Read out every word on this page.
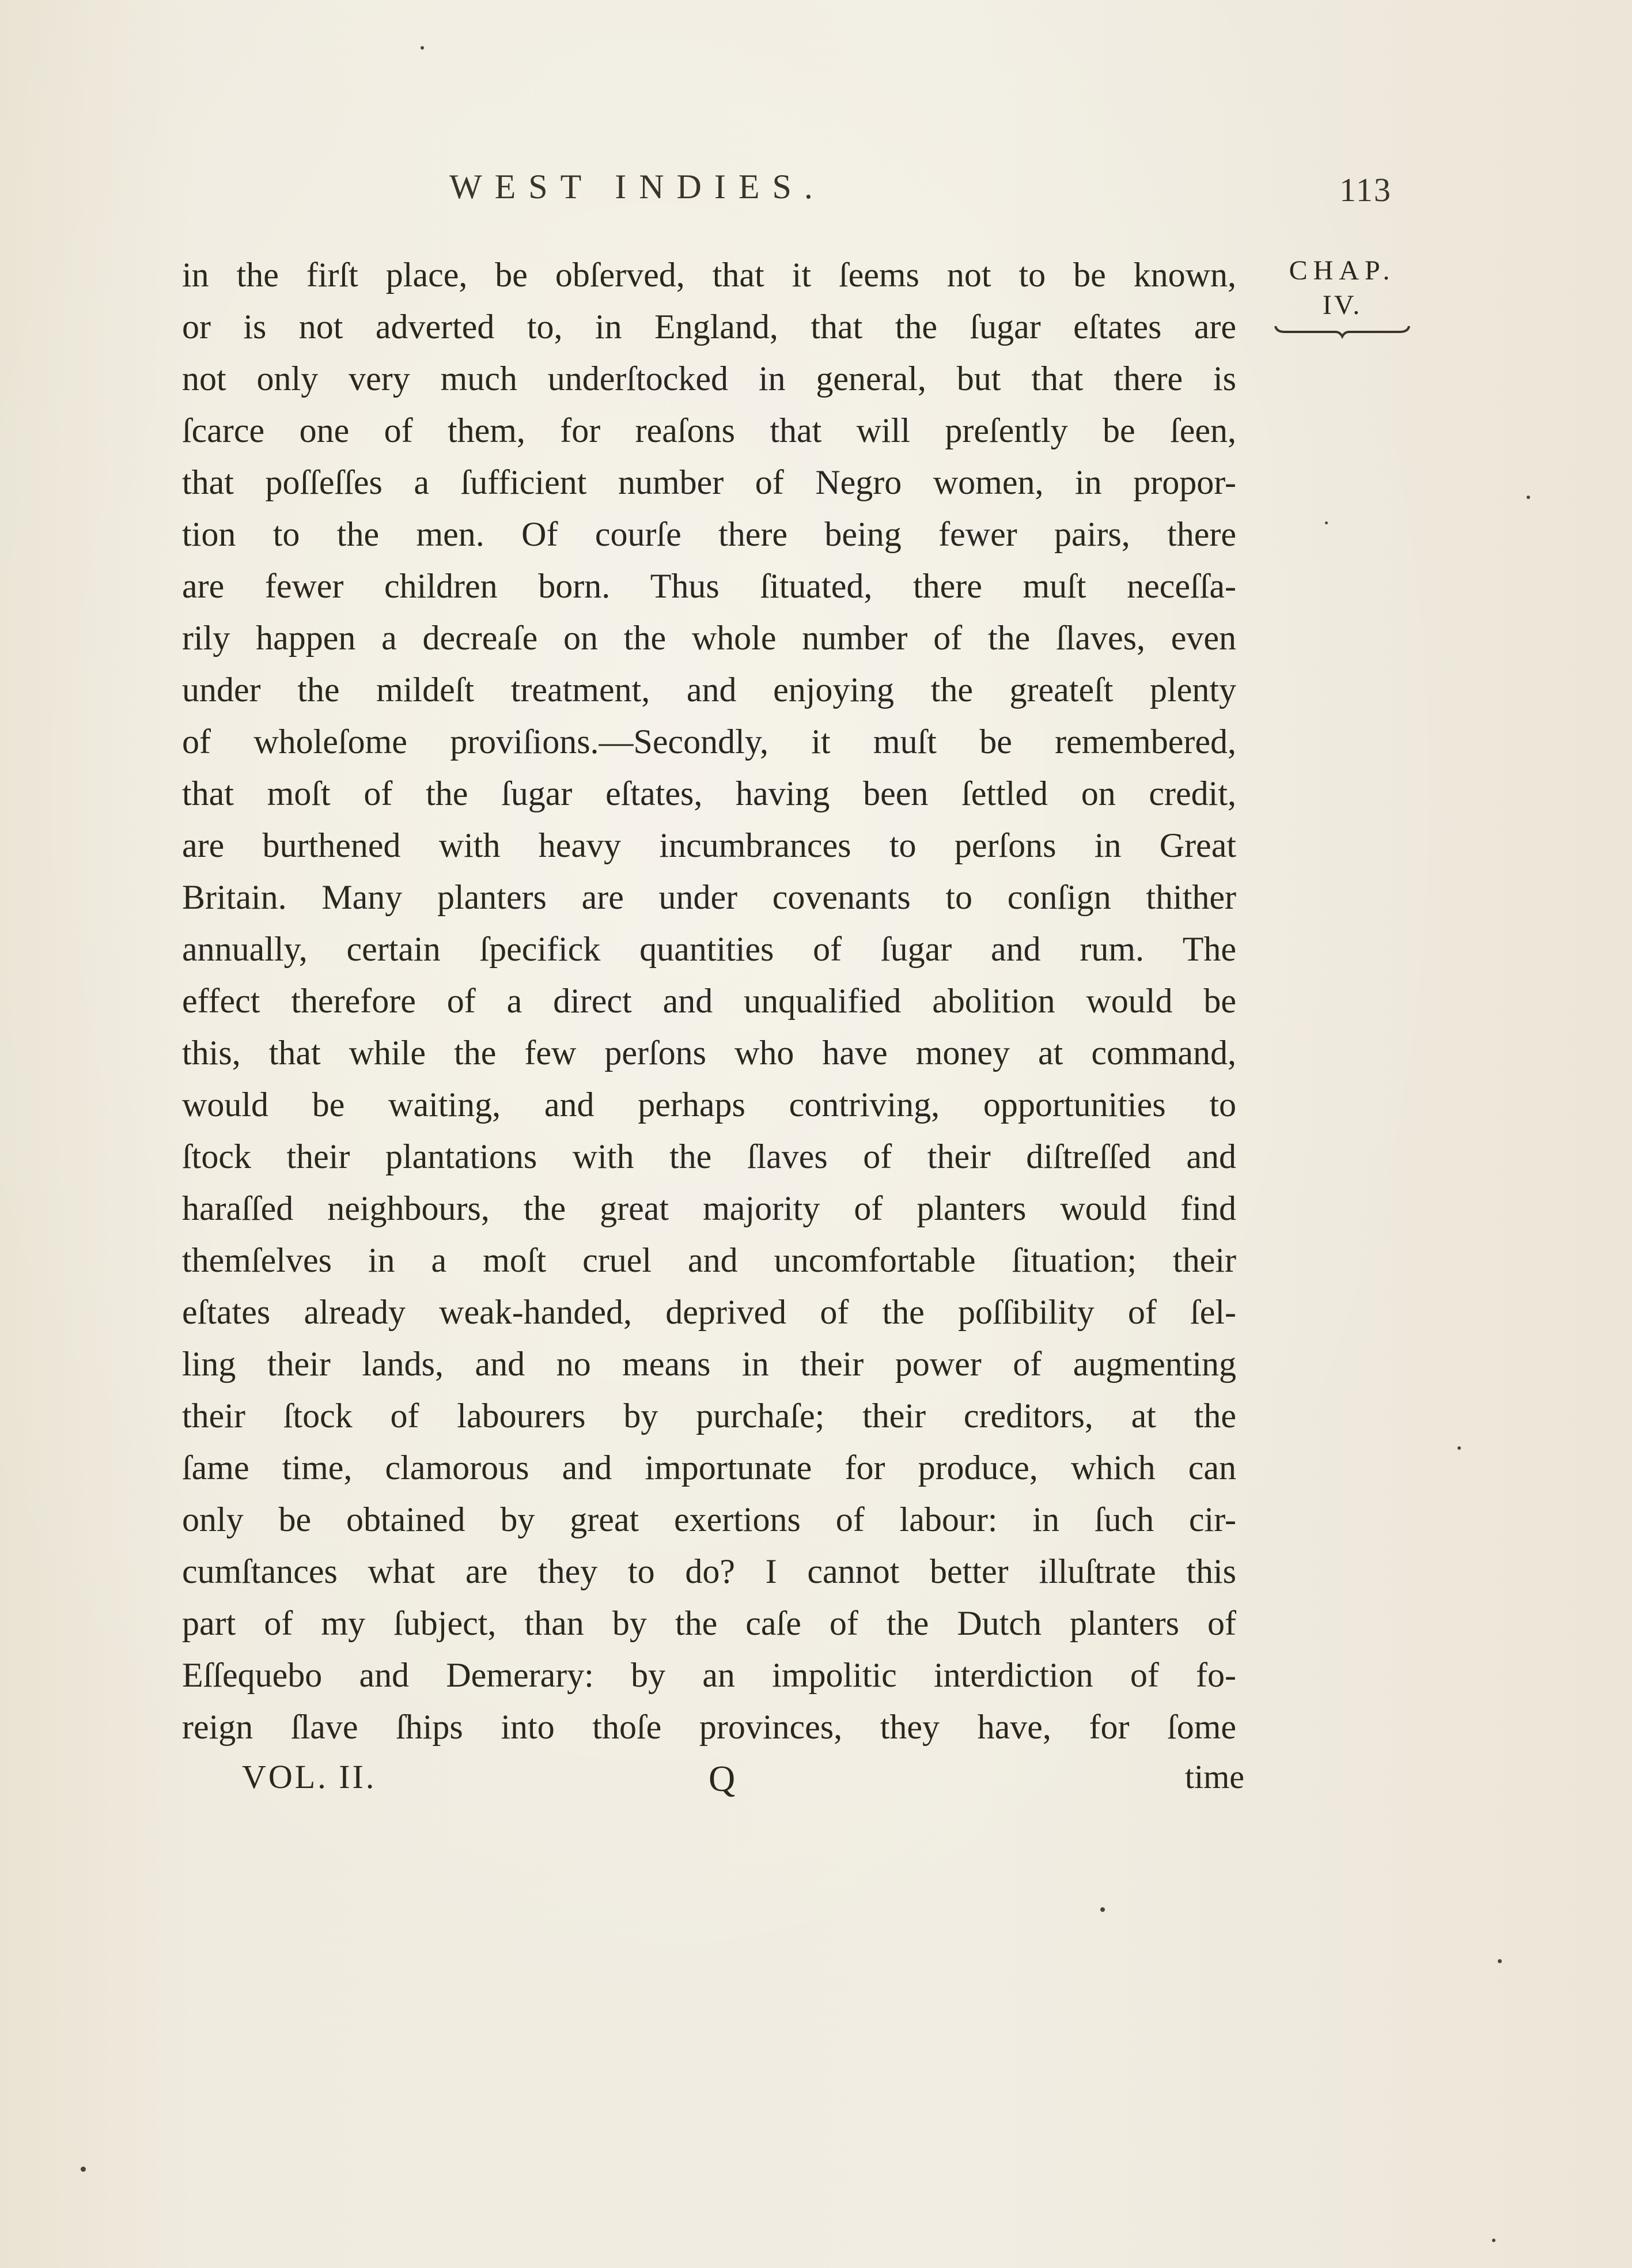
WEST INDIES.	113
CHAP.
IV.
in the firſt place, be obſerved, that it ſeems not to be known,
or is not adverted to, in England, that the ſugar eſtates are
not only very much underſtocked in general, but that there is
ſcarce one of them, for reaſons that will preſently be ſeen,
that poſſeſſes a ſufficient number of Negro women, in propor-
tion to the men. Of courſe there being fewer pairs, there
are fewer children born. Thus ſituated, there muſt neceſſa-
rily happen a decreaſe on the whole number of the ſlaves, even
under the mildeſt treatment, and enjoying the greateſt plenty
of wholeſome proviſions.—Secondly, it muſt be remembered,
that moſt of the ſugar eſtates, having been ſettled on credit,
are burthened with heavy incumbrances to perſons in Great
Britain. Many planters are under covenants to conſign thither
annually, certain ſpecifick quantities of ſugar and rum. The
effect therefore of a direct and unqualified abolition would be
this, that while the few perſons who have money at command,
would be waiting, and perhaps contriving, opportunities to
ſtock their plantations with the ſlaves of their diſtreſſed and
haraſſed neighbours, the great majority of planters would find
themſelves in a moſt cruel and uncomfortable ſituation; their
eſtates already weak-handed, deprived of the poſſibility of ſel-
ling their lands, and no means in their power of augmenting
their ſtock of labourers by purchaſe; their creditors, at the
ſame time, clamorous and importunate for produce, which can
only be obtained by great exertions of labour: in ſuch cir-
cumſtances what are they to do? I cannot better illuſtrate this
part of my ſubject, than by the caſe of the Dutch planters of
Eſſequebo and Demerary: by an impolitic interdiction of fo-
reign ſlave ſhips into thoſe provinces, they have, for ſome
VOL. II.	Q	time
